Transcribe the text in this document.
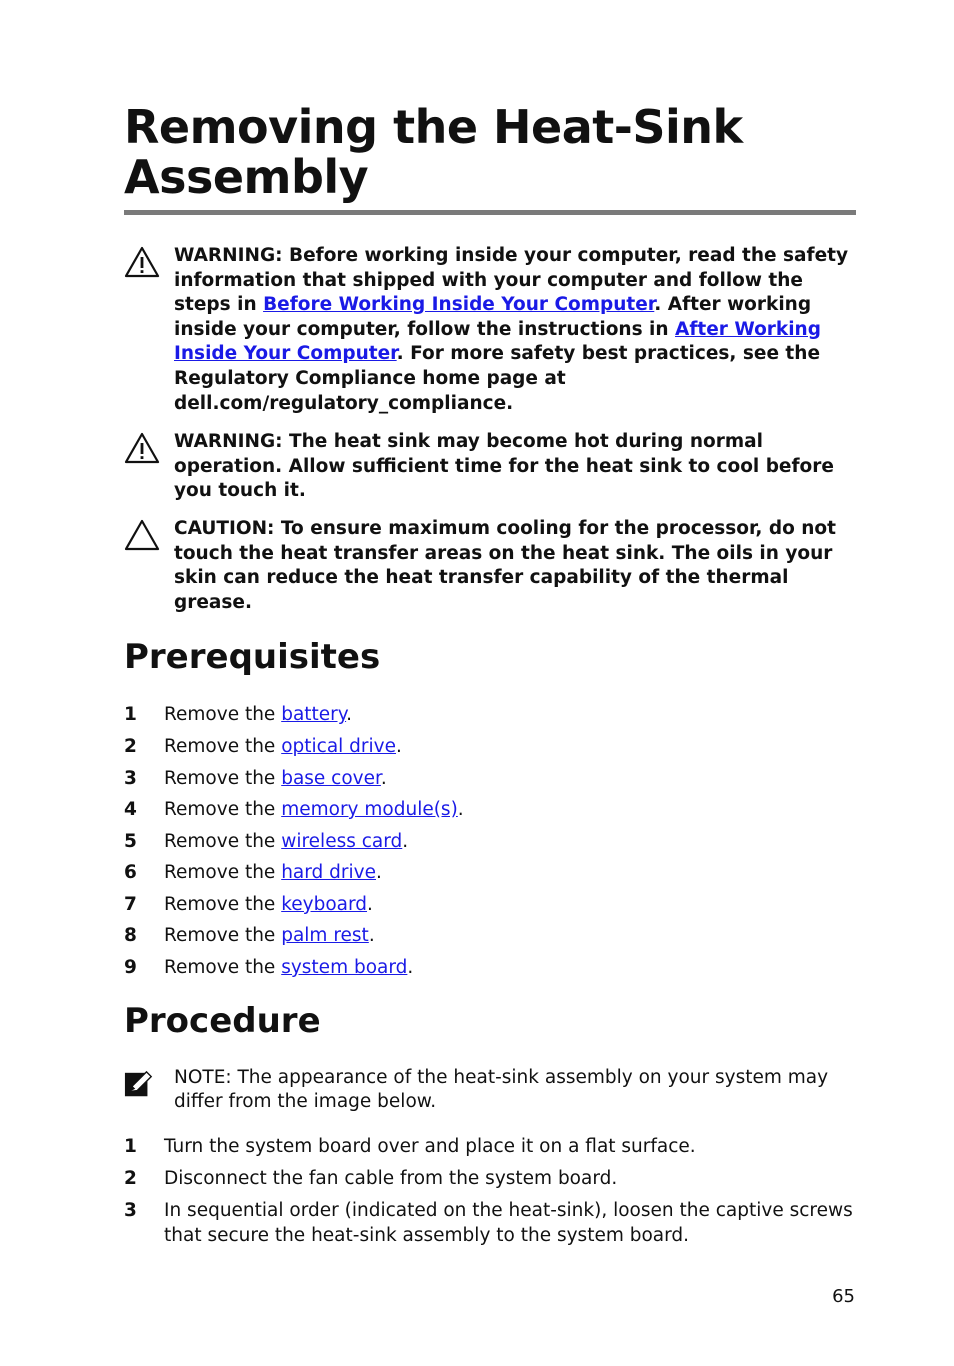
Removing the Heat-Sink Assembly
WARNING: Before working inside your computer, read the safety information that shipped with your computer and follow the steps in Before Working Inside Your Computer. After working inside your computer, follow the instructions in After Working Inside Your Computer. For more safety best practices, see the Regulatory Compliance home page at dell.com/regulatory_compliance.
WARNING: The heat sink may become hot during normal operation. Allow sufficient time for the heat sink to cool before you touch it.
CAUTION: To ensure maximum cooling for the processor, do not touch the heat transfer areas on the heat sink. The oils in your skin can reduce the heat transfer capability of the thermal grease.
Prerequisites
1 Remove the battery.
2 Remove the optical drive.
3 Remove the base cover.
4 Remove the memory module(s).
5 Remove the wireless card.
6 Remove the hard drive.
7 Remove the keyboard.
8 Remove the palm rest.
9 Remove the system board.
Procedure
NOTE: The appearance of the heat-sink assembly on your system may differ from the image below.
1 Turn the system board over and place it on a flat surface.
2 Disconnect the fan cable from the system board.
3 In sequential order (indicated on the heat-sink), loosen the captive screws that secure the heat-sink assembly to the system board.
65
